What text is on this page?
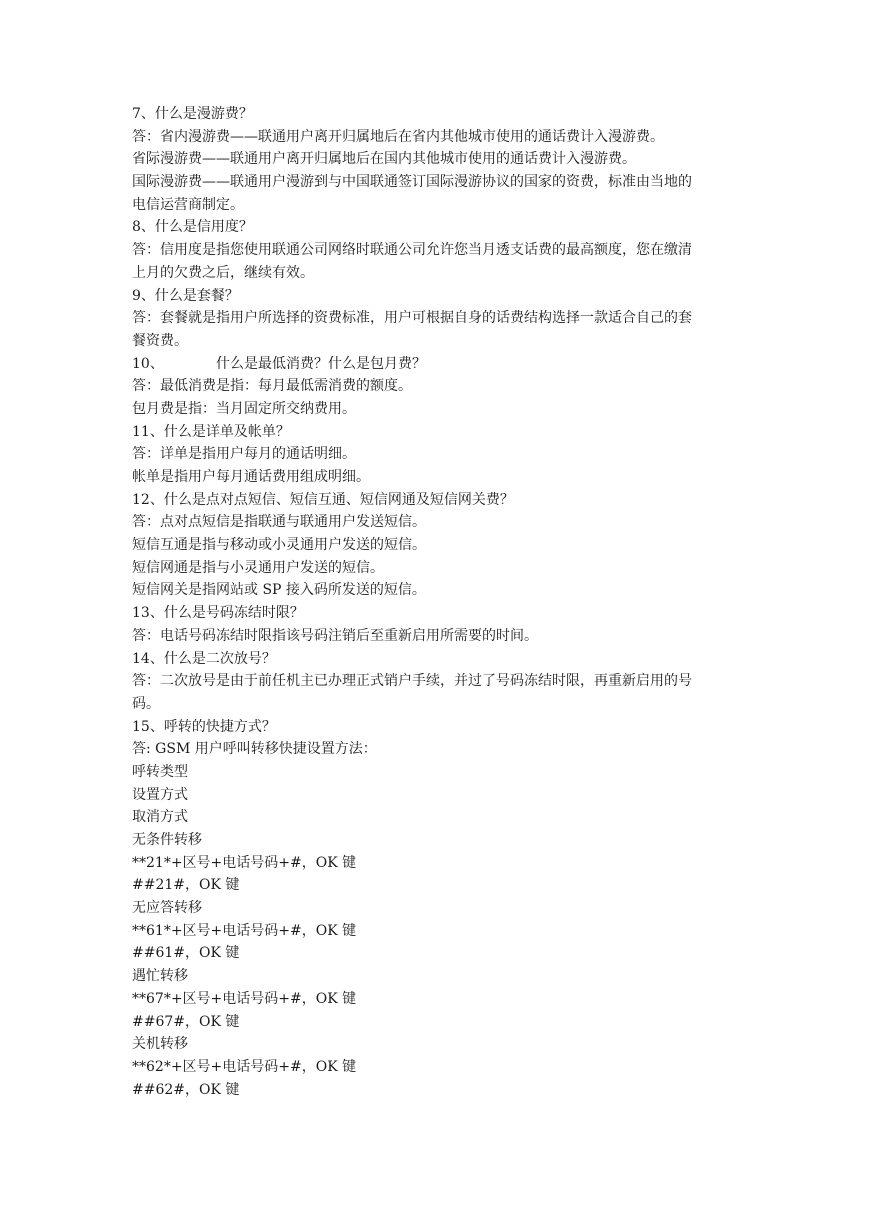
7、什么是漫游费？
答：省内漫游费——联通用户离开归属地后在省内其他城市使用的通话费计入漫游费。
省际漫游费——联通用户离开归属地后在国内其他城市使用的通话费计入漫游费。
国际漫游费——联通用户漫游到与中国联通签订国际漫游协议的国家的资费，标准由当地的
电信运营商制定。
8、什么是信用度？
答：信用度是指您使用联通公司网络时联通公司允许您当月透支话费的最高额度，您在缴清
上月的欠费之后，继续有效。
9、什么是套餐？
答：套餐就是指用户所选择的资费标准，用户可根据自身的话费结构选择一款适合自己的套
餐资费。
10、	什么是最低消费？什么是包月费？
答：最低消费是指：每月最低需消费的额度。
包月费是指：当月固定所交纳费用。
11、什么是详单及帐单？
答：详单是指用户每月的通话明细。
帐单是指用户每月通话费用组成明细。
12、什么是点对点短信、短信互通、短信网通及短信网关费？
答：点对点短信是指联通与联通用户发送短信。
短信互通是指与移动或小灵通用户发送的短信。
短信网通是指与小灵通用户发送的短信。
短信网关是指网站或 SP 接入码所发送的短信。
13、什么是号码冻结时限？
答：电话号码冻结时限指该号码注销后至重新启用所需要的时间。
14、什么是二次放号？
答：二次放号是由于前任机主已办理正式销户手续，并过了号码冻结时限，再重新启用的号
码。
15、呼转的快捷方式？
答: GSM 用户呼叫转移快捷设置方法：
呼转类型
设置方式
取消方式
无条件转移
**21*+区号+电话号码+#，OK 键
##21#，OK 键
无应答转移
**61*+区号+电话号码+#，OK 键
##61#，OK 键
遇忙转移
**67*+区号+电话号码+#，OK 键
##67#，OK 键
关机转移
**62*+区号+电话号码+#，OK 键
##62#，OK 键
